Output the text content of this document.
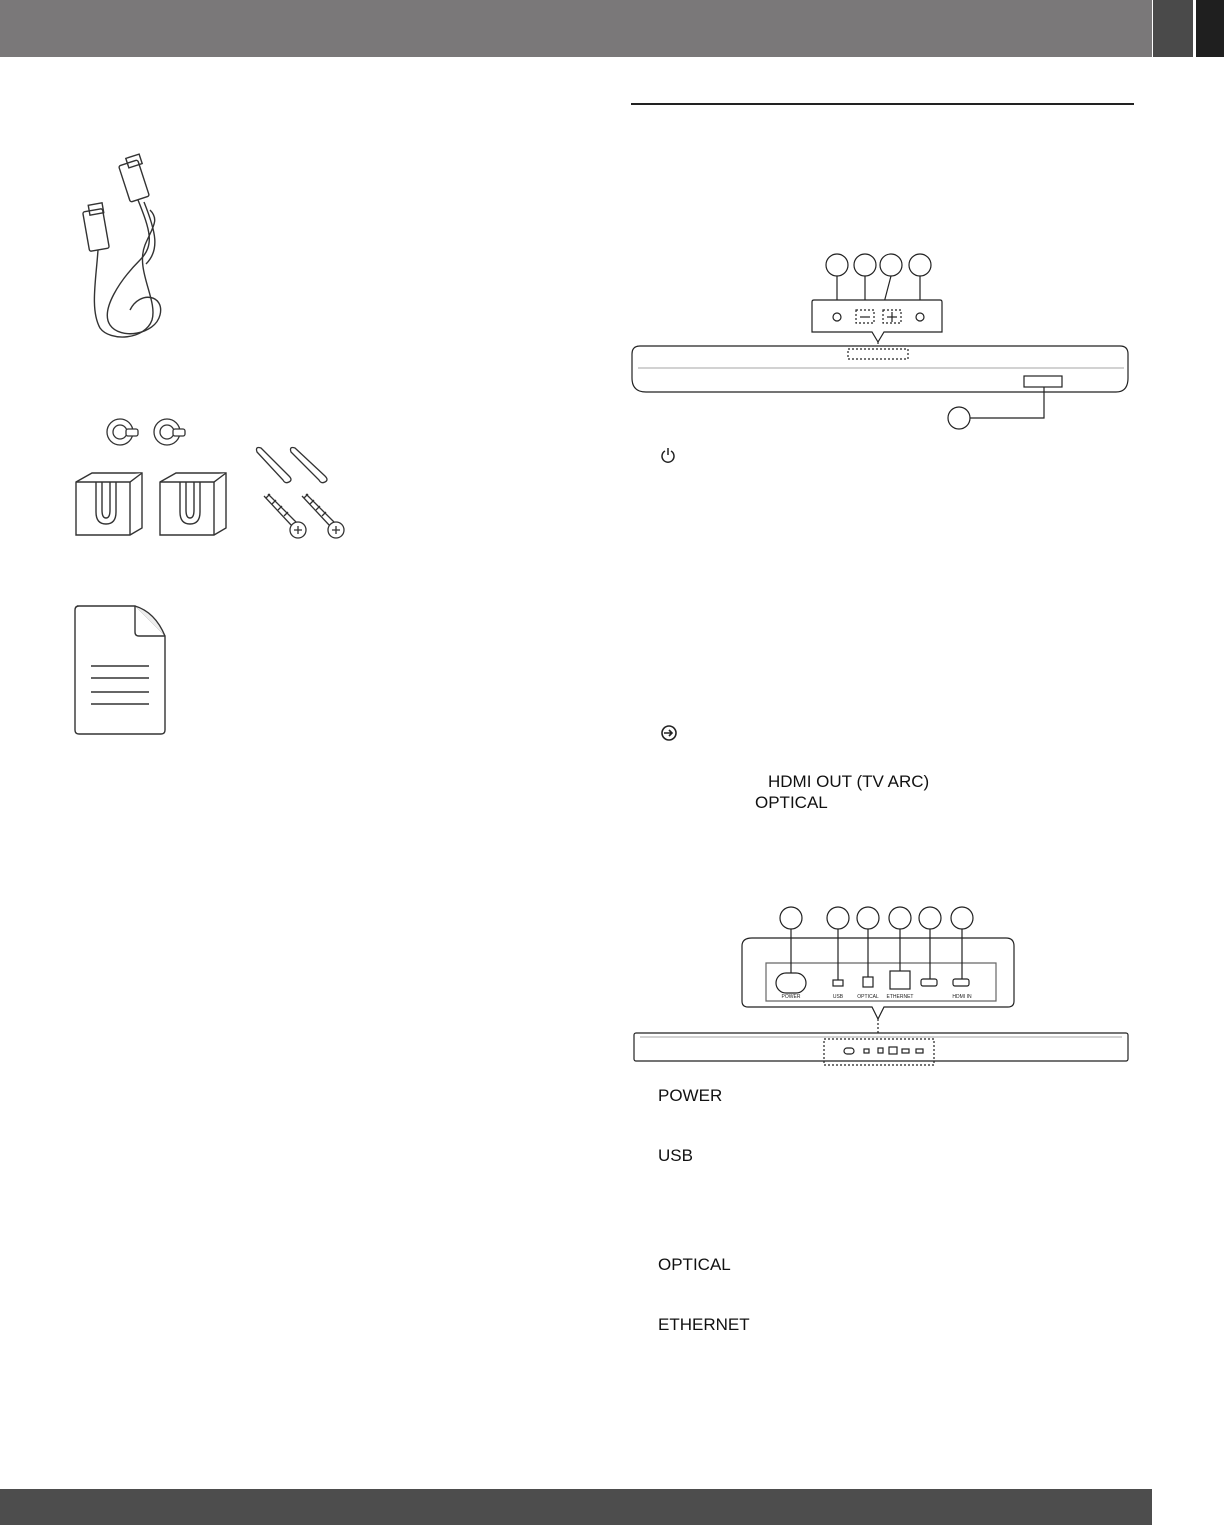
HDMI OUT (TV ARC)
OPTICAL
POWER	USB	OPTICAL ETHERNET	HDMI IN
POWER
USB
OPTICAL
ETHERNET
